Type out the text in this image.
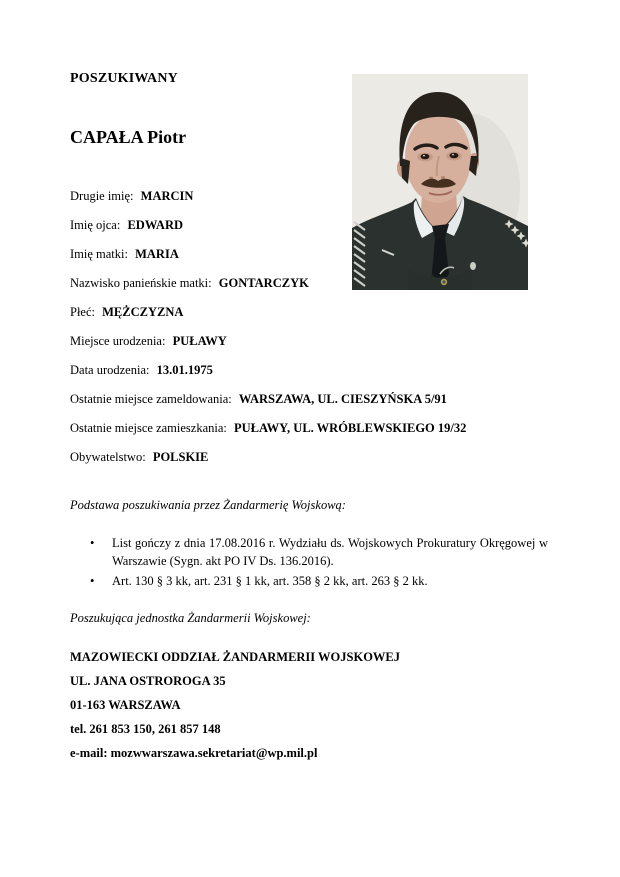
POSZUKIWANY
CAPAŁA Piotr
Drugie imię: MARCIN
Imię ojca: EDWARD
Imię matki: MARIA
Nazwisko panieńskie matki: GONTARCZYK
Płeć: MĘŻCZYZNA
Miejsce urodzenia: PUŁAWY
Data urodzenia: 13.01.1975
Ostatnie miejsce zameldowania: WARSZAWA, UL. CIESZYŃSKA 5/91
Ostatnie miejsce zamieszkania: PUŁAWY, UL. WRÓBLEWSKIEGO 19/32
Obywatelstwo: POLSKIE
Podstawa poszukiwania przez Żandarmerię Wojskową:
•	List gończy z dnia 17.08.2016 r. Wydziału ds. Wojskowych Prokuratury Okręgowej w Warszawie (Sygn. akt PO IV Ds. 136.2016).
•	Art. 130 § 3 kk, art. 231 § 1 kk, art. 358 § 2 kk, art. 263 § 2 kk.
Poszukująca jednostka Żandarmerii Wojskowej:
MAZOWIECKI ODDZIAŁ ŻANDARMERII WOJSKOWEJ
UL. JANA OSTROROGA 35
01-163 WARSZAWA
tel. 261 853 150, 261 857 148
e-mail: mozwwarszawa.sekretariat@wp.mil.pl
